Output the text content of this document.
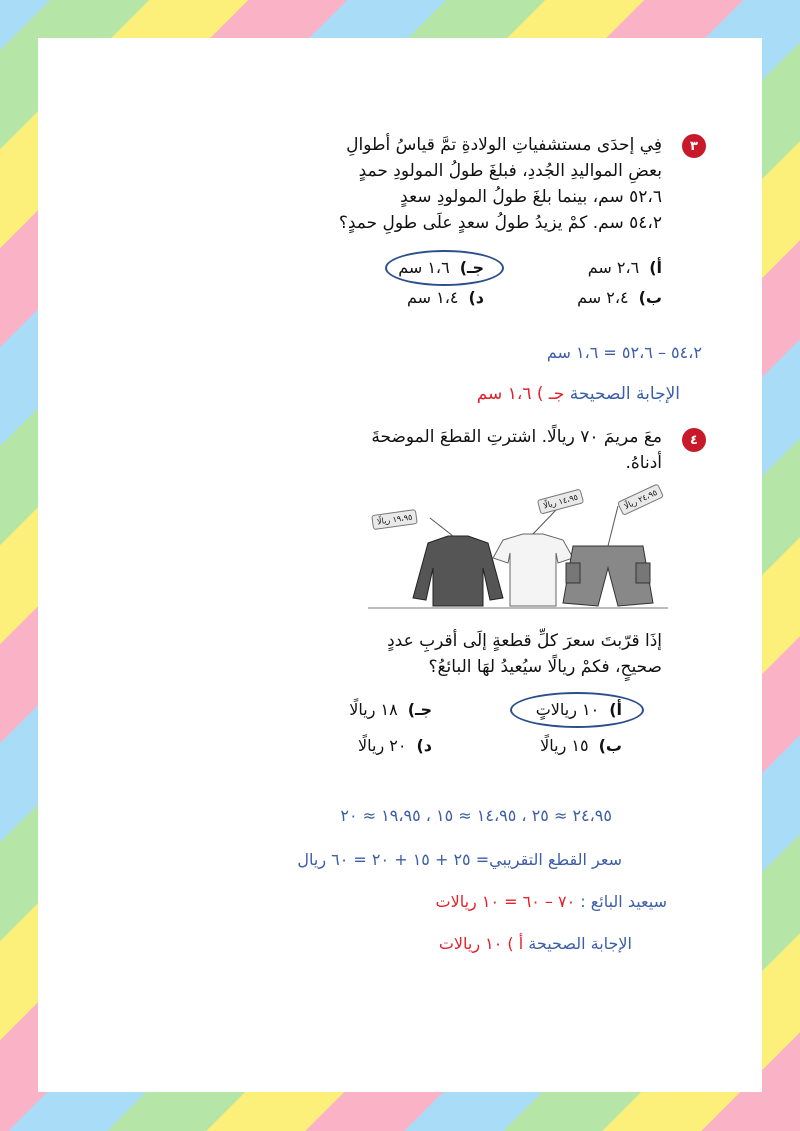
٣
فِي إحدَى مستشفياتِ الولادةِ تمَّ قياسُ أطوالِ
بعضِ المواليدِ الجُددِ، فبلغَ طولُ المولودِ حمدٍ
٥٢،٦ سم، بينما بلغَ طولُ المولودِ سعدٍ
٥٤،٢ سم. كمْ يزيدُ طولُ سعدٍ علَى طولِ حمدٍ؟
أ)٢،٦ سم
جـ)١،٦ سم
ب)٢،٤ سم
د)١،٤ سم
٥٤،٢ – ٥٢،٦ = ١،٦ سم
الإجابة الصحيحة جـ ) ١،٦ سم
٤
معَ مريمَ ٧٠ ريالًا. اشترتِ القطعَ الموضحةَ
أدناهُ.
١٩،٩٥ ريالًا
١٤،٩٥ ريالًا	٢٤،٩٥ ريالًا
إذَا قرّبتَ سعرَ كلِّ قطعةٍ إلَى أقربِ عددٍ
صحيحٍ، فكمْ ريالًا سيُعيدُ لهَا البائعُ؟
أ)١٠ ريالاتٍ
جـ)١٨ ريالًا
ب)١٥ ريالًا
د)٢٠ ريالًا
٢٤،٩٥ ≈ ٢٥ ، ١٤،٩٥ ≈ ١٥ ، ١٩،٩٥ ≈ ٢٠
سعر القطع التقريبي= ٢٥ + ١٥ + ٢٠ = ٦٠ ريال
سيعيد البائع : ٧٠ – ٦٠ = ١٠ ريالات
الإجابة الصحيحة أ ) ١٠ ريالات
